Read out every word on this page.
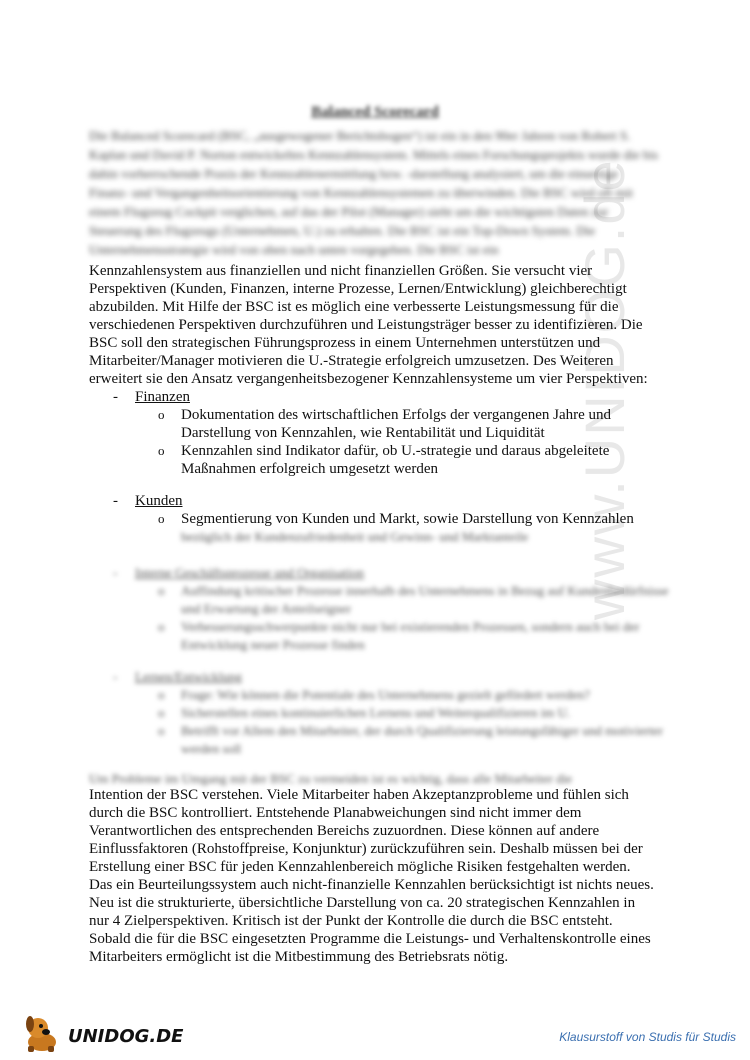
www.UNIDOG.de
Balanced Scorecard
Die Balanced Scorecard (BSC, „ausgewogener Berichtsbogen“) ist ein in den 90er Jahren von Robert S. Kaplan und David P. Norton entwickeltes Kennzahlensystem. Mittels eines Forschungsprojekts wurde die bis dahin vorherrschende Praxis der Kennzahlenermittlung bzw. -darstellung analysiert, um die einseitige Finanz- und Vergangenheitsorientierung von Kennzahlensystemen zu überwinden. Die BSC wird oft mit einem Flugzeug Cockpit verglichen, auf das der Pilot (Manager) sieht um die wichtigsten Daten zur Steuerung des Flugzeugs (Unternehmen, U.) zu erhalten. Die BSC ist ein Top-Down System. Die Unternehmensstrategie wird von oben nach unten vorgegeben. Die BSC ist ein
Kennzahlensystem aus finanziellen und nicht finanziellen Größen. Sie versucht vier
Perspektiven (Kunden, Finanzen, interne Prozesse, Lernen/Entwicklung) gleichberechtigt
abzubilden. Mit Hilfe der BSC ist es möglich eine verbesserte Leistungsmessung für die
verschiedenen Perspektiven durchzuführen und Leistungsträger besser zu identifizieren. Die
BSC soll den strategischen Führungsprozess in einem Unternehmen unterstützen und
Mitarbeiter/Manager motivieren die U.-Strategie erfolgreich umzusetzen. Des Weiteren
erweitert sie den Ansatz vergangenheitsbezogener Kennzahlensysteme um vier Perspektiven:
- Finanzen
o Dokumentation des wirtschaftlichen Erfolgs der vergangenen Jahre und Darstellung von Kennzahlen, wie Rentabilität und Liquidität
o Kennzahlen sind Indikator dafür, ob U.-strategie und daraus abgeleitete Maßnahmen erfolgreich umgesetzt werden
- Kunden
o Segmentierung von Kunden und Markt, sowie Darstellung von Kennzahlen
bezüglich der Kundenzufriedenheit und Gewinn- und Marktanteile
- Interne Geschäftsprozesse und Organisation
o Auffindung kritischer Prozesse innerhalb des Unternehmens in Bezug auf Kundenbedürfnisse und Erwartung der Anteilseigner
o Verbesserungsschwerpunkte nicht nur bei existierenden Prozessen, sondern auch bei der Entwicklung neuer Prozesse finden
- Lernen/Entwicklung
o Frage: Wie können die Potentiale des Unternehmens gezielt gefördert werden?
o Sicherstellen eines kontinuierlichen Lernens und Weiterqualifizieren im U.
o Betrifft vor Allem den Mitarbeiter, der durch Qualifizierung leistungsfähiger und motivierter werden soll
Um Probleme im Umgang mit der BSC zu vermeiden ist es wichtig, dass alle Mitarbeiter die
Intention der BSC verstehen. Viele Mitarbeiter haben Akzeptanzprobleme und fühlen sich
durch die BSC kontrolliert. Entstehende Planabweichungen sind nicht immer dem
Verantwortlichen des entsprechenden Bereichs zuzuordnen. Diese können auf andere
Einflussfaktoren (Rohstoffpreise, Konjunktur) zurückzuführen sein. Deshalb müssen bei der
Erstellung einer BSC für jeden Kennzahlenbereich mögliche Risiken festgehalten werden.
Das ein Beurteilungssystem auch nicht-finanzielle Kennzahlen berücksichtigt ist nichts neues.
Neu ist die strukturierte, übersichtliche Darstellung von ca. 20 strategischen Kennzahlen in
nur 4 Zielperspektiven. Kritisch ist der Punkt der Kontrolle die durch die BSC entsteht.
Sobald die für die BSC eingesetzten Programme die Leistungs- und Verhaltenskontrolle eines
Mitarbeiters ermöglicht ist die Mitbestimmung des Betriebsrats nötig.
UNIDOG.DE	Klausurstoff von Studis für Studis
